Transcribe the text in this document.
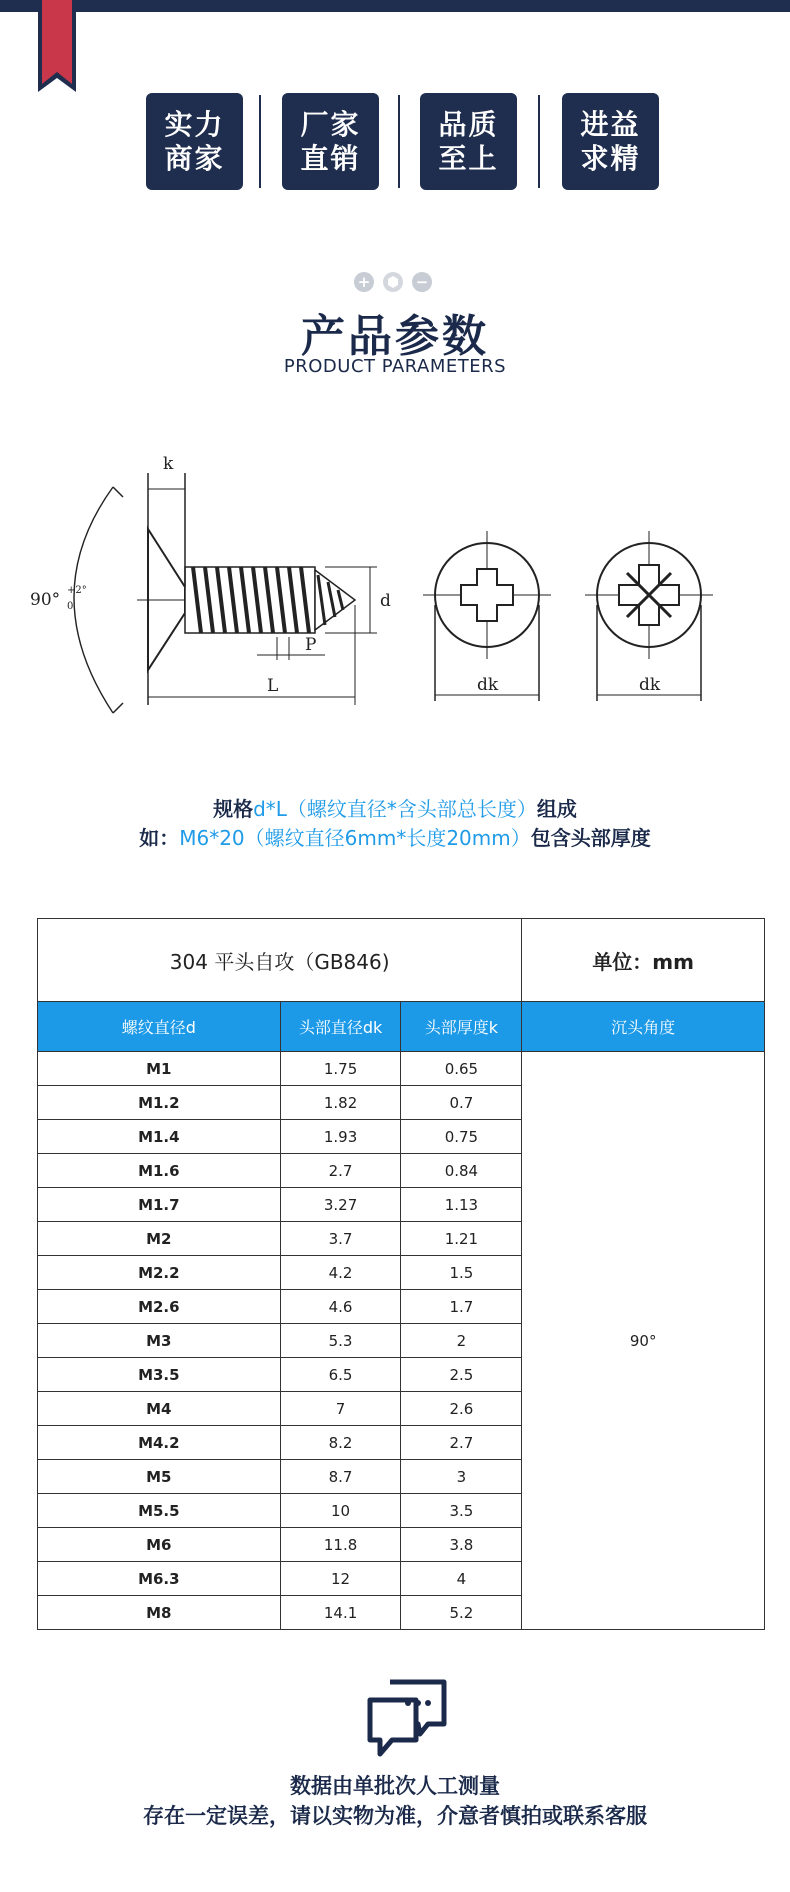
实力
商家
厂家
直销
品质
至上
进益
求精
+	−
产品参数
PRODUCT PARAMETERS
k
d
P
L	dk	dk
90° +2°
0
规格d*L（螺纹直径*含头部总长度）组成
如：M6*20（螺纹直径6mm*长度20mm）包含头部厚度
304 平头自攻（GB846)			单位：mm
螺纹直径d	头部直径dk	头部厚度k	沉头角度
M1	1.75	0.65	90°
M1.2	1.82	0.7	
M1.4	1.93	0.75	
M1.6	2.7	0.84	
M1.7	3.27	1.13	
M2	3.7	1.21	
M2.2	4.2	1.5	
M2.6	4.6	1.7	
M3	5.3	2	
M3.5	6.5	2.5	
M4	7	2.6	
M4.2	8.2	2.7	
M5	8.7	3	
M5.5	10	3.5	
M6	11.8	3.8	
M6.3	12	4	
M8	14.1	5.2	
数据由单批次人工测量
存在一定误差，请以实物为准，介意者慎拍或联系客服
